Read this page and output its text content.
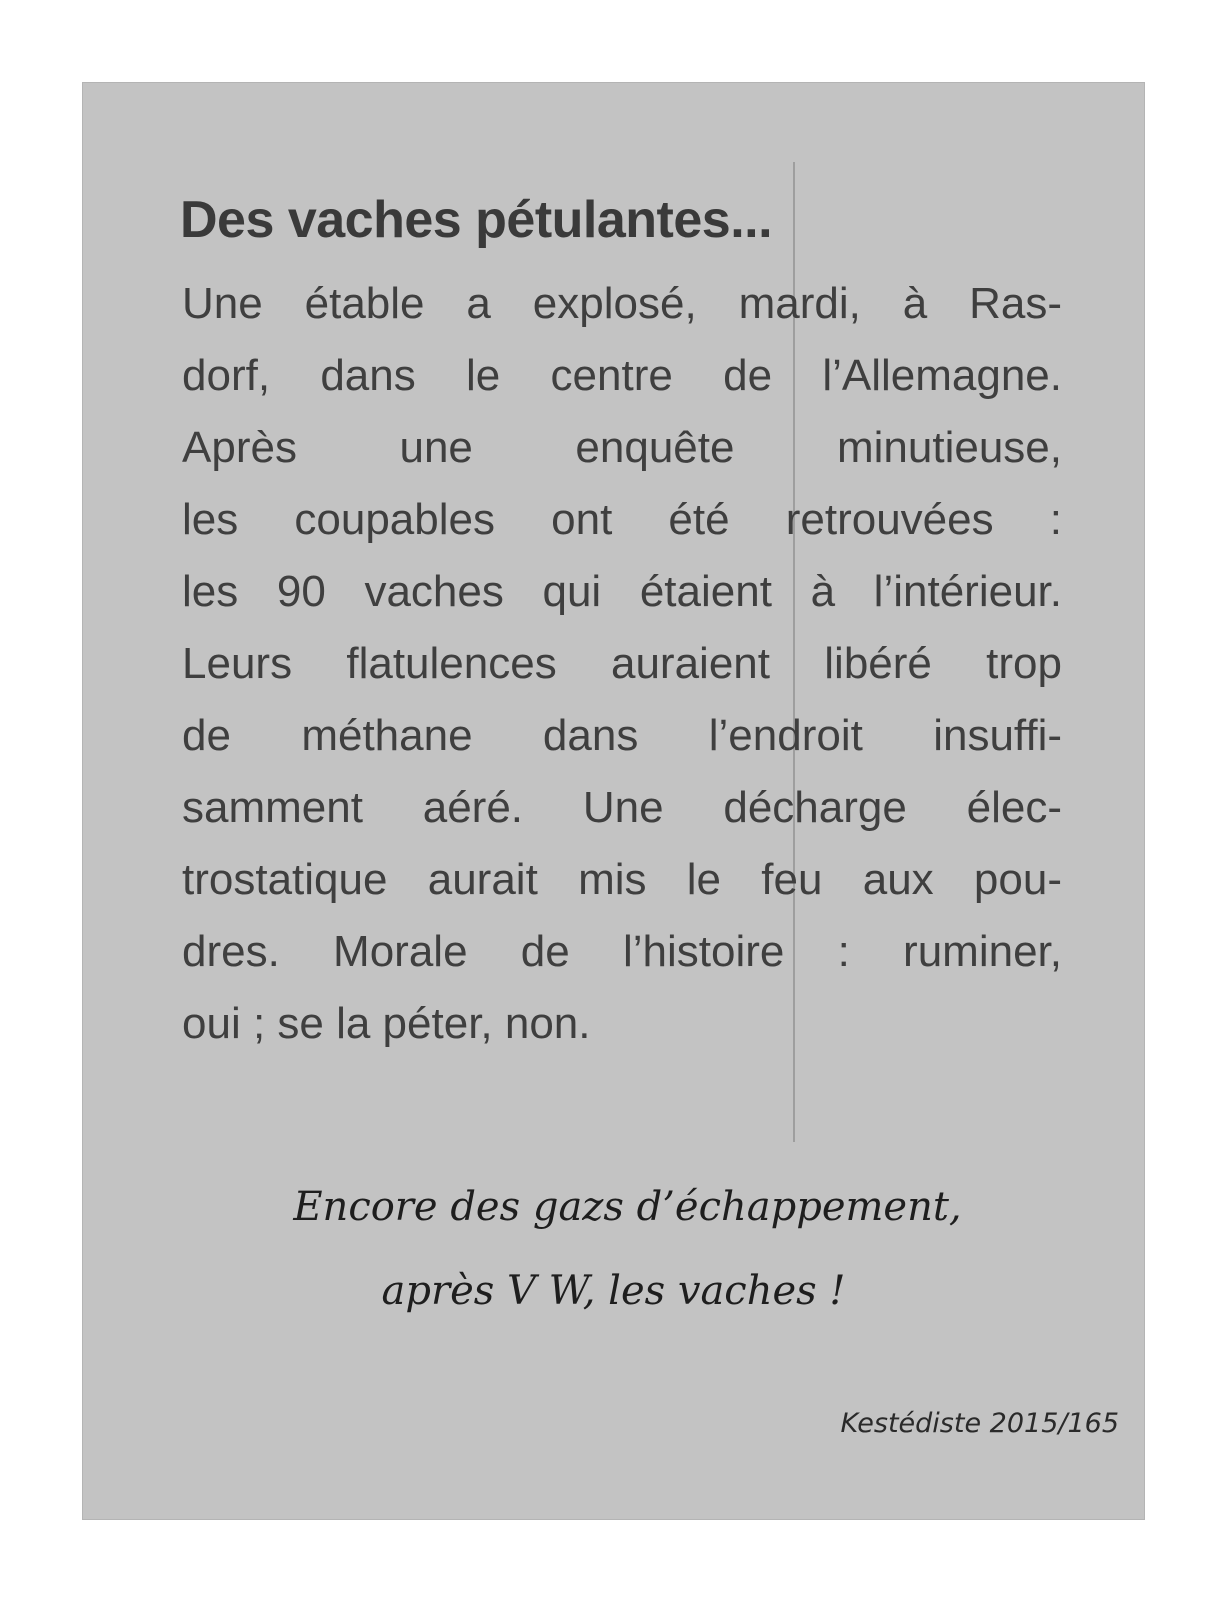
Des vaches pétulantes...
Une étable a explosé, mardi, à Ras-
dorf, dans le centre de l’Allemagne.
Après une enquête minutieuse,
les coupables ont été retrouvées :
les 90 vaches qui étaient à l’intérieur.
Leurs flatulences auraient libéré trop
de méthane dans l’endroit insuffi-
samment aéré. Une décharge élec-
trostatique aurait mis le feu aux pou-
dres. Morale de l’histoire : ruminer,
oui ; se la péter, non.
Encore des gazs d’échappement,
après V W, les vaches !
Kestédiste 2015/165
